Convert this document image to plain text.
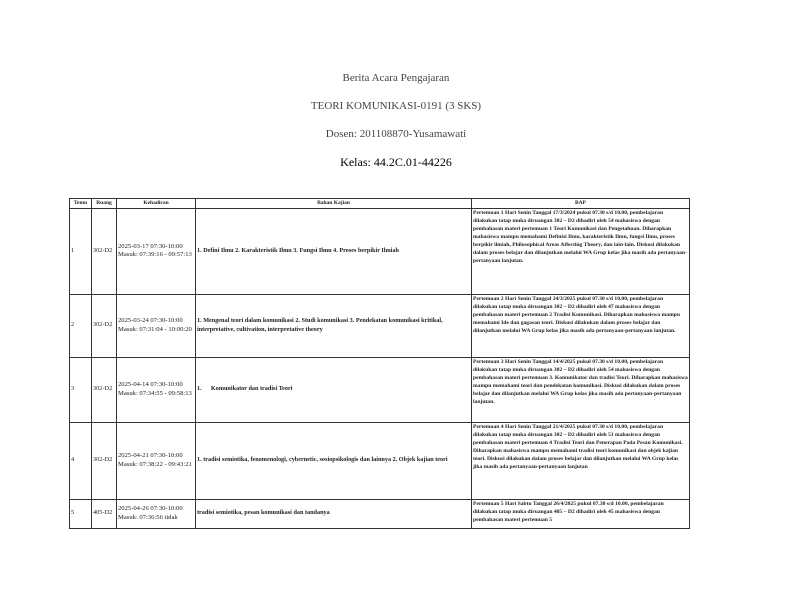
Berita Acara Pengajaran
TEORI KOMUNIKASI-0191 (3 SKS)
Dosen: 201108870-Yusamawati
Kelas: 44.2C.01-44226
Temu	Ruang	Kehadiran	Bahan Kajian	BAP
1	302-D2	2025-03-17 07:30-10:00 Masuk: 07:39:16 - 09:57:13	1. Defini Ilmu 2. Karakteristik Ilmu 3. Fungsi Ilmu 4. Proses berpikir Ilmiah	Pertemuan 1 Hari Senin Tanggal 17/3/2024 pukul 07.30 s/d 10.00, pembelajaran dilakukan tatap muka diruangan 302 – D2 dihadiri oleh 54 mahasiswa dengan pembahasan materi pertemuan 1 Teori Komunikasi dan Pengetahuan. Diharapkan mahasiswa mampu memahami Definisi Ilmu, karakteristik Ilmu, fungsi Ilmu, proses berpikir ilmiah, Philosophical Areas Affecting Theory, dan lain-lain. Diskusi dilakukan dalam proses belajar dan dilanjutkan melalui WA Grup kelas jika masih ada pertanyaan-pertanyaan lanjutan.
2	302-D2	2025-03-24 07:30-10:00 Masuk: 07:31:04 - 10:00:20	1. Mengenal teori dalam komunikasi 2. Studi komunikasi 3. Pendekatan komunikasi kritikal, interpretative, cultivation, interpretative theory	Pertemuan 2 Hari Senin Tanggal 24/3/2025 pukul 07.30 s/d 10.00, pembelajaran dilakukan tatap muka diruangan 302 – D2 dihadiri oleh 47 mahasiswa dengan pembahasan materi pertemuan 2 Tradisi Komunikasi. Diharapkan mahasiswa mampu memahami Ide dan gagasan teori. Diskusi dilakukan dalam proses belajar dan dilanjutkan melalui WA Grup kelas jika masih ada pertanyaan-pertanyaan lanjutan.
3	302-D2	2025-04-14 07:30-10:00 Masuk: 07:34:55 - 09:58:13	1.      Komunikator dan tradisi Teori	Pertemuan 3 Hari Senin Tanggal 14/4/2025 pukul 07.30 s/d 10.00, pembelajaran dilakukan tatap muka diruangan 302 – D2 dihadiri oleh 54 mahasiswa dengan pembahasan materi pertemuan 3. Komunikator dan tradisi Teori. Diharapkan mahasiswa mampu memahami teori dan pendekatan komunikasi. Diskusi dilakukan dalam proses belajar dan dilanjutkan melalui WA Grup kelas jika masih ada pertanyaan-pertanyaan lanjutan.
4	302-D2	2025-04-21 07:30-10:00 Masuk: 07:38:22 - 09:43:21	1. tradisi semiotika, fenomenologi, cybernetic, sosiopsikologis dan lainnya 2. Objek kajian teori	Pertemuan 4 Hari Senin Tanggal 21/4/2025 pukul 07.30 s/d 10.00, pembelajaran dilakukan tatap muka diruangan 302 – D2 dihadiri oleh 51 mahasiswa dengan pembahasan materi pertemuan 4 Tradisi Teori dan Penerapan Pada Pesan Komunikasi. Diharapkan mahasiswa mampu memahami tradisi teori komunikasi dan objek kajian teori. Diskusi dilakukan dalam proses belajar dan dilanjutkan melalui WA Grup kelas jika masih ada pertanyaan-pertanyaan lanjutan
5	405-D2	2025-04-26 07:30-10:00 Masuk: 07:36:56 tidak	tradisi semiotika, pesan komunikasi dan tandanya	Pertemuan 5 Hari Sabtu Tanggal 26/4/2025 pukul 07.30 s/d 10.00, pembelajaran dilakukan tatap muka diruangan 405 – D2 dihadiri oleh 45 mahasiswa dengan pembahasan materi pertemuan 5
